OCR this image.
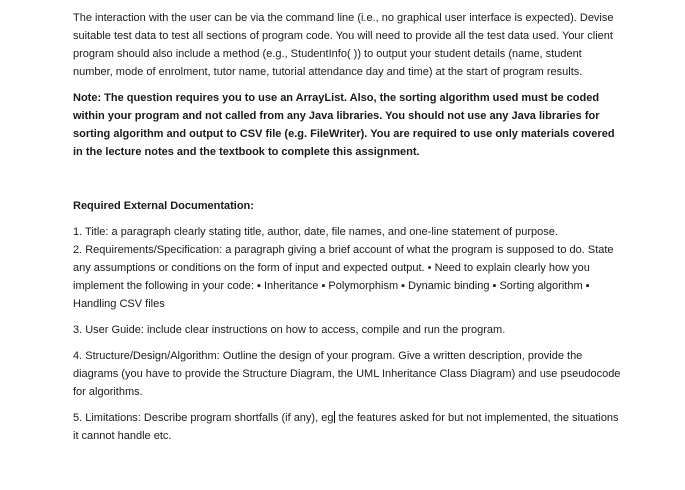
The interaction with the user can be via the command line (i.e., no graphical user interface is expected). Devise suitable test data to test all sections of program code. You will need to provide all the test data used. Your client program should also include a method (e.g., StudentInfo( )) to output your student details (name, student number, mode of enrolment, tutor name, tutorial attendance day and time) at the start of program results.

Note: The question requires you to use an ArrayList. Also, the sorting algorithm used must be coded within your program and not called from any Java libraries. You should not use any Java libraries for sorting algorithm and output to CSV file (e.g. FileWriter). You are required to use only materials covered in the lecture notes and the textbook to complete this assignment.

Required External Documentation:

1. Title: a paragraph clearly stating title, author, date, file names, and one-line statement of purpose.

2. Requirements/Specification: a paragraph giving a brief account of what the program is supposed to do. State any assumptions or conditions on the form of input and expected output. • Need to explain clearly how you implement the following in your code: ▪ Inheritance ▪ Polymorphism ▪ Dynamic binding ▪ Sorting algorithm ▪ Handling CSV files

3. User Guide: include clear instructions on how to access, compile and run the program.

4. Structure/Design/Algorithm: Outline the design of your program. Give a written description, provide the diagrams (you have to provide the Structure Diagram, the UML Inheritance Class Diagram) and use pseudocode for algorithms.

5. Limitations: Describe program shortfalls (if any), eg the features asked for but not implemented, the situations it cannot handle etc.
